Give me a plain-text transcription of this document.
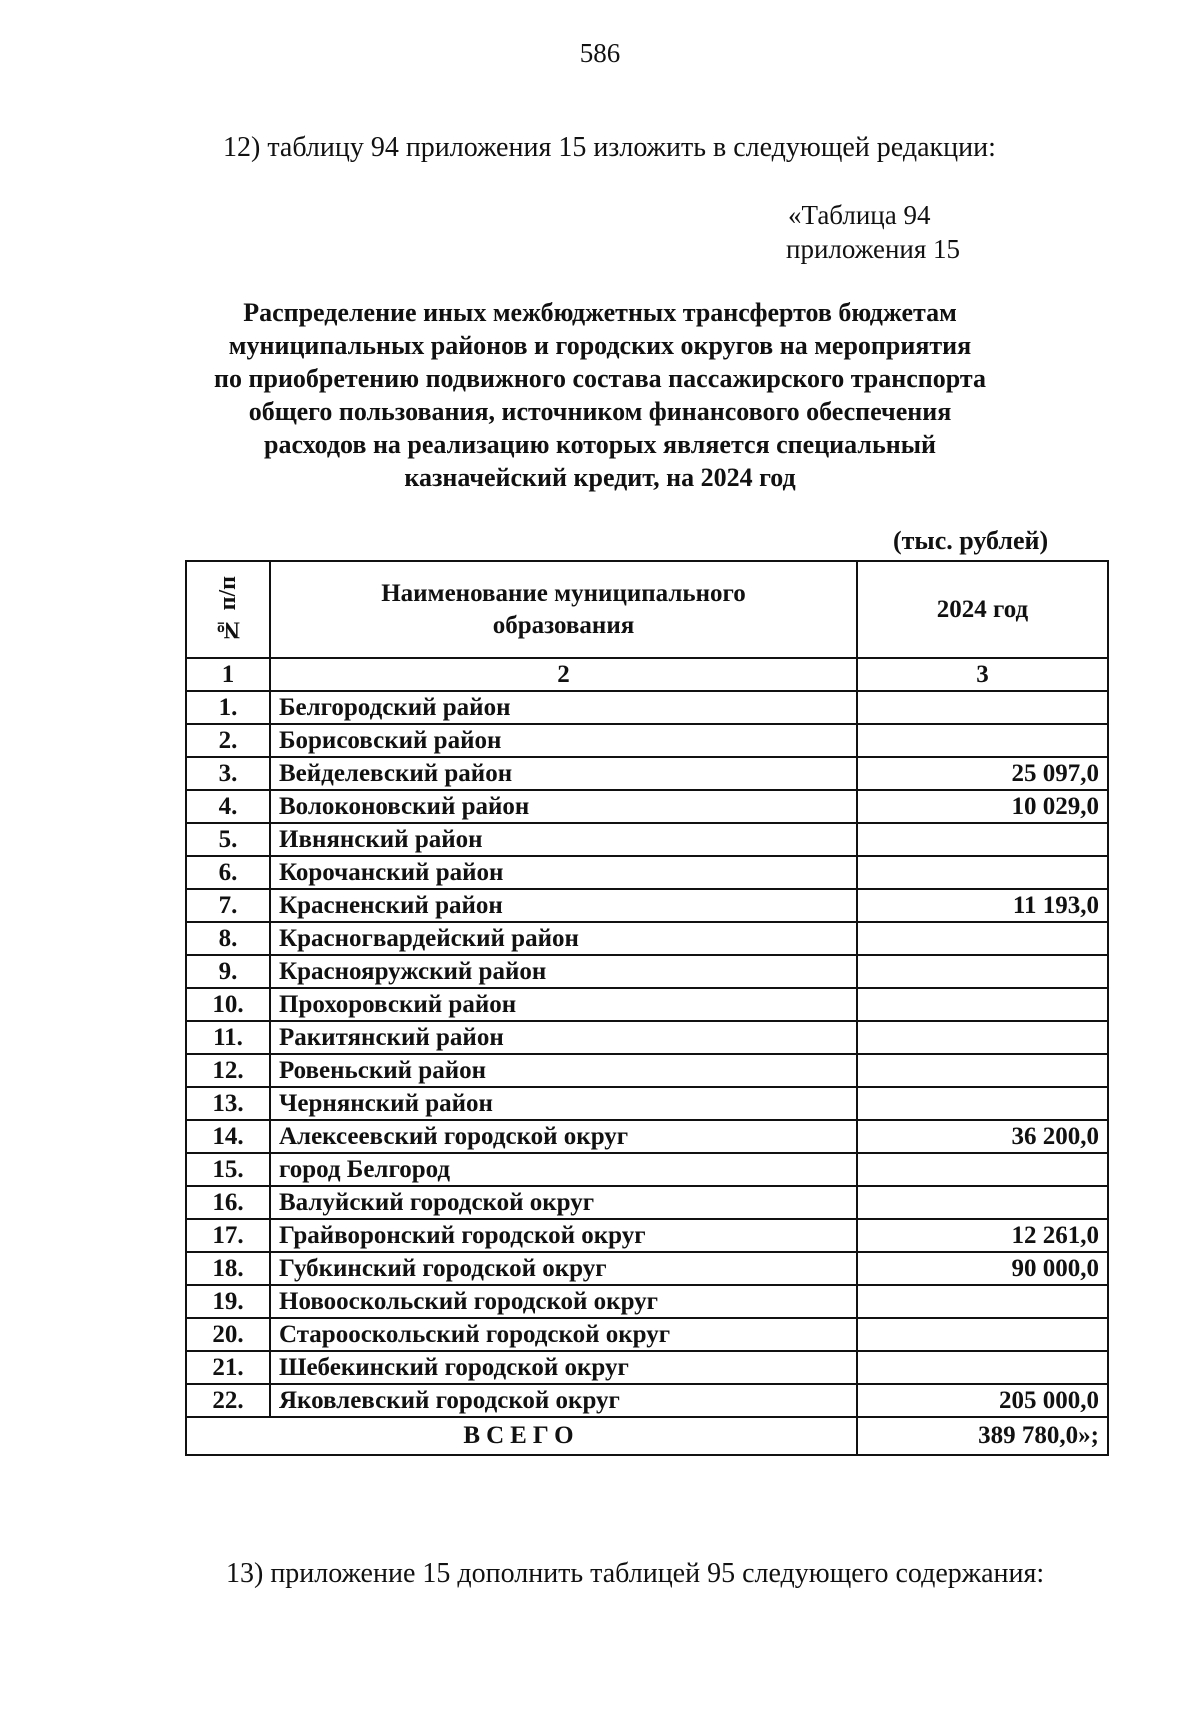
586
12) таблицу 94 приложения 15 изложить в следующей редакции:
«Таблица 94

приложения 15
Распределение иных межбюджетных трансфертов бюджетам
муниципальных районов и городских округов на мероприятия
по приобретению подвижного состава пассажирского транспорта
общего пользования, источником финансового обеспечения
расходов на реализацию которых является специальный
казначейский кредит, на 2024 год
(тыс. рублей)
№ п/п	Наименование муниципального образования	2024 год
1	2	3
1.	Белгородский район	
2.	Борисовский район	
3.	Вейделевский район	25 097,0
4.	Волоконовский район	10 029,0
5.	Ивнянский район	
6.	Корочанский район	
7.	Красненский район	11 193,0
8.	Красногвардейский район	
9.	Краснояружский район	
10.	Прохоровский район	
11.	Ракитянский район	
12.	Ровеньский район	
13.	Чернянский район	
14.	Алексеевский городской округ	36 200,0
15.	город Белгород	
16.	Валуйский городской округ	
17.	Грайворонский городской округ	12 261,0
18.	Губкинский городской округ	90 000,0
19.	Новооскольский городской округ	
20.	Старооскольский городской округ	
21.	Шебекинский городской округ	
22.	Яковлевский городской округ	205 000,0
ВСЕГО		389 780,0»;
13) приложение 15 дополнить таблицей 95 следующего содержания:
